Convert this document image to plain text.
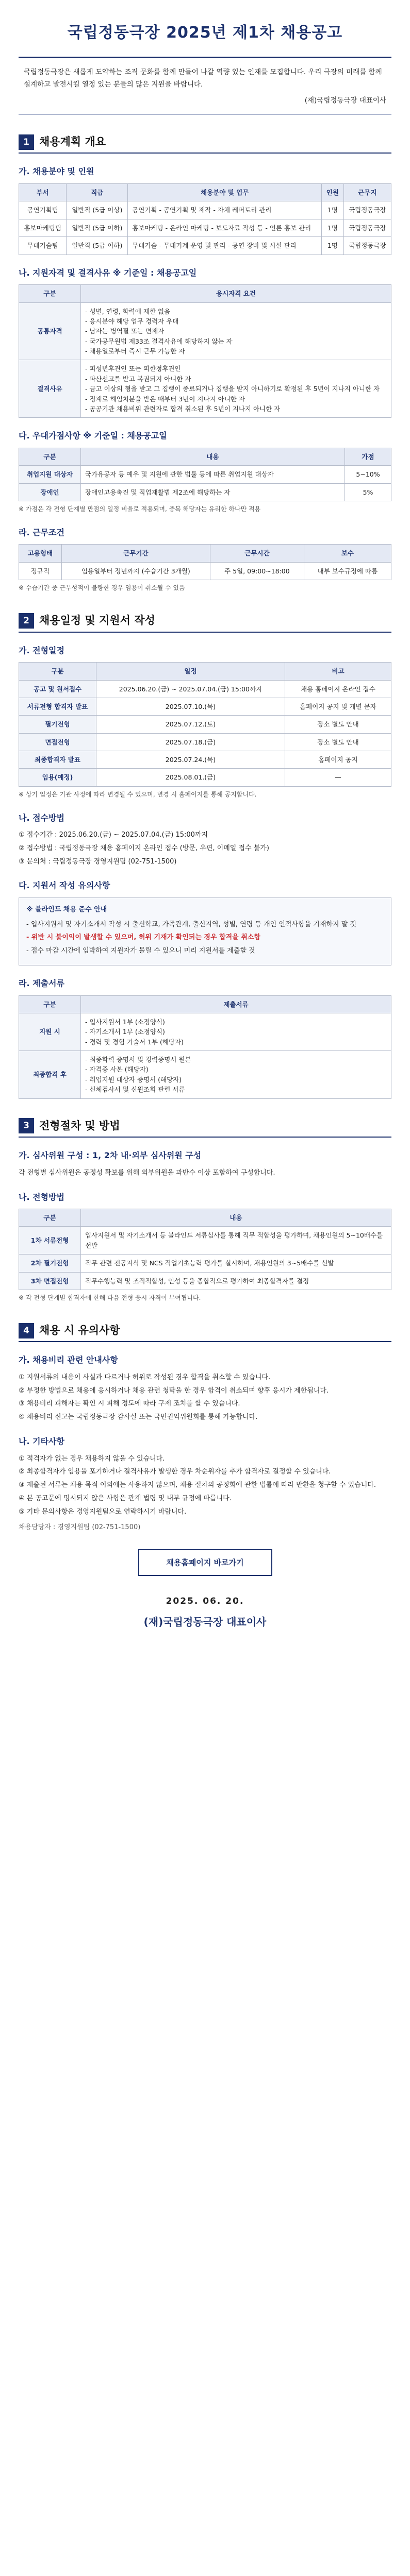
국립정동극장 2025년 제1차 채용공고

국립정동극장은 새롭게 도약하는 조직 문화를 함께 만들어 나갈 역량 있는 인재를 모집합니다. 우리 극장의 미래를 함께 설계하고 발전시킬 열정 있는 분들의 많은 지원을 바랍니다.

(재)국립정동극장 대표이사

1 채용계획 개요
가. 채용분야 및 인원
부서	직급	채용분야 및 업무	인원	근무지
공연기획팀	일반직 (5급 이상)	공연기획 - 공연기획 및 제작 - 자체 레퍼토리 관리	1명	국립정동극장
홍보마케팅팀	일반직 (5급 이하)	홍보마케팅 - 온라인 마케팅 - 보도자료 작성 등 - 언론 홍보 관리	1명	국립정동극장
무대기술팀	일반직 (5급 이하)	무대기술 - 무대기계 운영 및 관리 - 공연 장비 및 시설 관리	1명	국립정동극장
나. 지원자격 및 결격사유 ※ 기준일 : 채용공고일
구분	응시자격 요건
공통자격	- 성별, 연령, 학력에 제한 없음
- 응시분야 해당 업무 경력자 우대
- 남자는 병역필 또는 면제자
- 국가공무원법 제33조 결격사유에 해당하지 않는 자
- 채용일로부터 즉시 근무 가능한 자

결격사유	- 피성년후견인 또는 피한정후견인
- 파산선고를 받고 복권되지 아니한 자
- 금고 이상의 형을 받고 그 집행이 종료되거나 집행을 받지 아니하기로 확정된 후 5년이 지나지 아니한 자
- 징계로 해임처분을 받은 때부터 3년이 지나지 아니한 자
- 공공기관 채용비위 관련자로 합격 취소된 후 5년이 지나지 아니한 자
다. 우대가점사항 ※ 기준일 : 채용공고일
구분	내용	가점
취업지원 대상자	국가유공자 등 예우 및 지원에 관한 법률 등에 따른 취업지원 대상자	5~10%
장애인	장애인고용촉진 및 직업재활법 제2조에 해당하는 자	5%

※ 가점은 각 전형 단계별 만점의 일정 비율로 적용되며, 중복 해당자는 유리한 하나만 적용

라. 근무조건
고용형태	근무기간	근무시간	보수
정규직	임용일부터 정년까지 (수습기간 3개월)	주 5일, 09:00~18:00	내부 보수규정에 따름

※ 수습기간 중 근무성적이 불량한 경우 임용이 취소될 수 있음

2 채용일정 및 지원서 작성
가. 전형일정
구분	일정	비고
공고 및 원서접수	2025.06.20.(금) ~ 2025.07.04.(금) 15:00까지	채용 홈페이지 온라인 접수
서류전형 합격자 발표	2025.07.10.(목)	홈페이지 공지 및 개별 문자
필기전형	2025.07.12.(토)	장소 별도 안내
면접전형	2025.07.18.(금)	장소 별도 안내
최종합격자 발표	2025.07.24.(목)	홈페이지 공지
임용(예정)	2025.08.01.(금)	—

※ 상기 일정은 기관 사정에 따라 변경될 수 있으며, 변경 시 홈페이지를 통해 공지합니다.

나. 접수방법
① 접수기간 : 2025.06.20.(금) ~ 2025.07.04.(금) 15:00까지
② 접수방법 : 국립정동극장 채용 홈페이지 온라인 접수 (방문, 우편, 이메일 접수 불가)
③ 문의처 : 국립정동극장 경영지원팀 (02-751-1500)
다. 지원서 작성 유의사항
※ 블라인드 채용 준수 안내
- 입사지원서 및 자기소개서 작성 시 출신학교, 가족관계, 출신지역, 성별, 연령 등 개인 인적사항을 기재하지 말 것
- 위반 시 불이익이 발생할 수 있으며, 허위 기재가 확인되는 경우 합격을 취소함
- 접수 마감 시간에 임박하여 지원자가 몰릴 수 있으니 미리 지원서를 제출할 것
라. 제출서류
구분	제출서류
지원 시	- 입사지원서 1부 (소정양식)
- 자기소개서 1부 (소정양식)
- 경력 및 경험 기술서 1부 (해당자)

최종합격 후	- 최종학력 증명서 및 경력증명서 원본
- 자격증 사본 (해당자)
- 취업지원 대상자 증명서 (해당자)
- 신체검사서 및 신원조회 관련 서류
3 전형절차 및 방법
가. 심사위원 구성 : 1, 2차 내·외부 심사위원 구성

각 전형별 심사위원은 공정성 확보를 위해 외부위원을 과반수 이상 포함하여 구성합니다.

나. 전형방법
구분	내용
1차 서류전형	입사지원서 및 자기소개서 등 블라인드 서류심사를 통해 직무 적합성을 평가하며, 채용인원의 5~10배수를 선발
2차 필기전형	직무 관련 전공지식 및 NCS 직업기초능력 평가를 실시하며, 채용인원의 3~5배수를 선발
3차 면접전형	직무수행능력 및 조직적합성, 인성 등을 종합적으로 평가하여 최종합격자를 결정

※ 각 전형 단계별 합격자에 한해 다음 전형 응시 자격이 부여됩니다.

4 채용 시 유의사항
가. 채용비리 관련 안내사항
① 지원서류의 내용이 사실과 다르거나 허위로 작성된 경우 합격을 취소할 수 있습니다.
② 부정한 방법으로 채용에 응시하거나 채용 관련 청탁을 한 경우 합격이 취소되며 향후 응시가 제한됩니다.
③ 채용비리 피해자는 확인 시 피해 정도에 따라 구제 조치를 할 수 있습니다.
④ 채용비리 신고는 국립정동극장 감사실 또는 국민권익위원회를 통해 가능합니다.
나. 기타사항
① 적격자가 없는 경우 채용하지 않을 수 있습니다.
② 최종합격자가 임용을 포기하거나 결격사유가 발생한 경우 차순위자를 추가 합격자로 결정할 수 있습니다.
③ 제출된 서류는 채용 목적 이외에는 사용하지 않으며, 채용 절차의 공정화에 관한 법률에 따라 반환을 청구할 수 있습니다.
④ 본 공고문에 명시되지 않은 사항은 관계 법령 및 내부 규정에 따릅니다.
⑤ 기타 문의사항은 경영지원팀으로 연락하시기 바랍니다.

채용담당자 : 경영지원팀 (02-751-1500)

채용홈페이지 바로가기
2025. 06. 20.
(재)국립정동극장 대표이사
